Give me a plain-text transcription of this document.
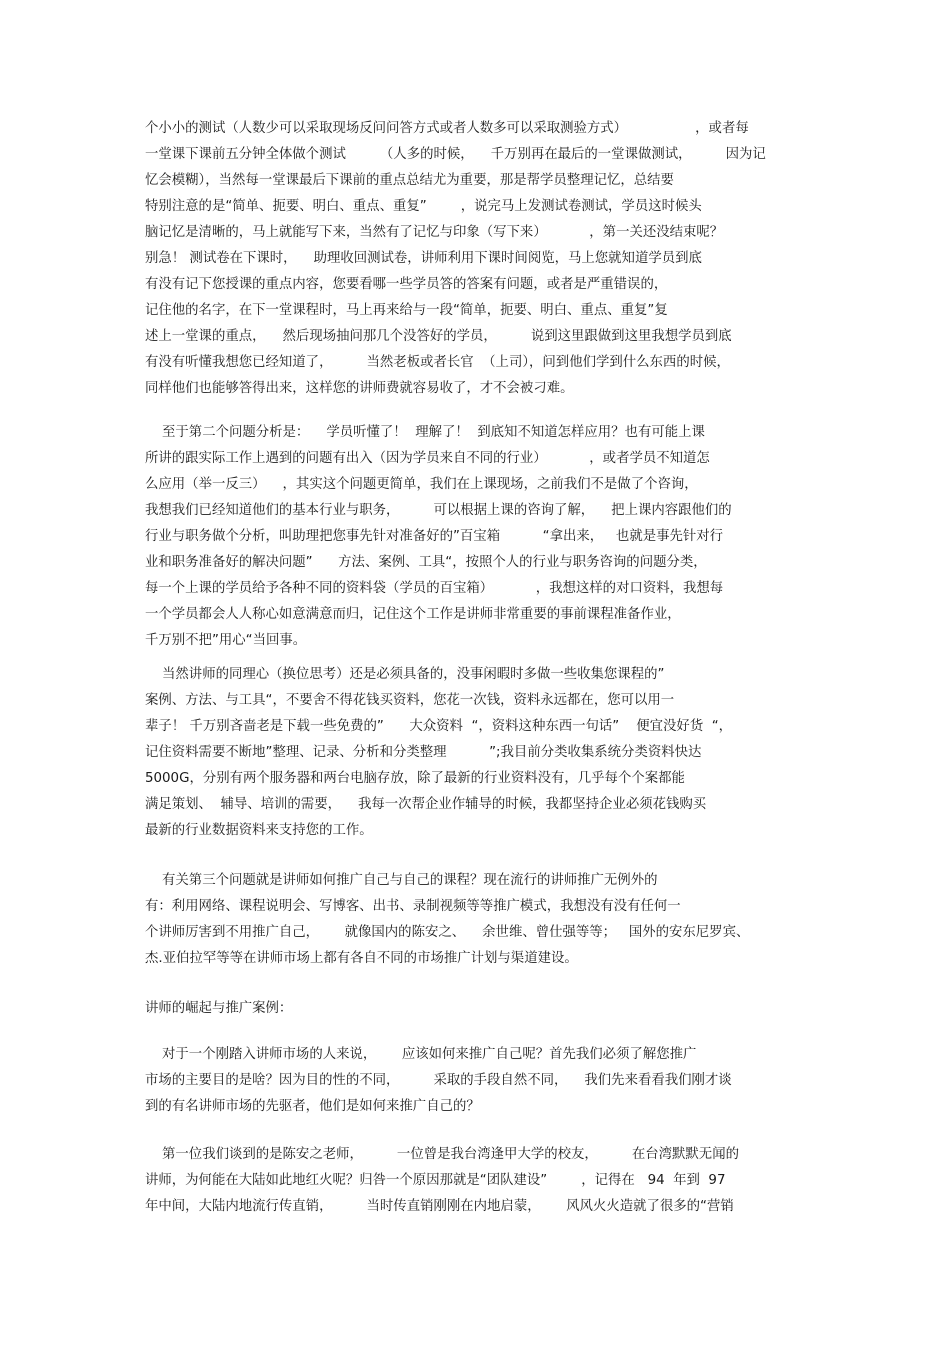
个小小的测试（人数少可以采取现场反问问答方式或者人数多可以采取测验方式）                ，或者每

一堂课下课前五分钟全体做个测试        （人多的时候，    千万别再在最后的一堂课做测试，        因为记

忆会模糊），当然每一堂课最后下课前的重点总结尤为重要，那是帮学员整理记忆，总结要

特别注意的是“简单、扼要、明白、重点、重复”        ，说完马上发测试卷测试，学员这时候头

脑记忆是清晰的，马上就能写下来，当然有了记忆与印象（写下来）          ，第一关还没结束呢？

别急！ 测试卷在下课时，    助理收回测试卷，讲师利用下课时间阅览，马上您就知道学员到底

有没有记下您授课的重点内容，您要看哪一些学员答的答案有问题，或者是严重错误的，

记住他的名字，在下一堂课程时，马上再来给与一段“简单，扼要、明白、重点、重复”复

述上一堂课的重点，    然后现场抽问那几个没答好的学员，        说到这里跟做到这里我想学员到底

有没有听懂我想您已经知道了，        当然老板或者长官  （上司），问到他们学到什么东西的时候，

同样他们也能够答得出来，这样您的讲师费就容易收了，才不会被刁难。

至于第二个问题分析是：    学员听懂了！  理解了！  到底知不知道怎样应用？也有可能上课

所讲的跟实际工作上遇到的问题有出入（因为学员来自不同的行业）          ，或者学员不知道怎

么应用（举一反三）    ，其实这个问题更简单，我们在上课现场，之前我们不是做了个咨询，

我想我们已经知道他们的基本行业与职务，        可以根据上课的咨询了解，    把上课内容跟他们的

行业与职务做个分析，叫助理把您事先针对准备好的”百宝箱          “拿出来，   也就是事先针对行

业和职务准备好的解决问题”      方法、案例、工具“，按照个人的行业与职务咨询的问题分类，

每一个上课的学员给予各种不同的资料袋（学员的百宝箱）          ，我想这样的对口资料，我想每

一个学员都会人人称心如意满意而归，记住这个工作是讲师非常重要的事前课程准备作业，

千万别不把”用心“当回事。

当然讲师的同理心（换位思考）还是必须具备的，没事闲暇时多做一些收集您课程的”

案例、方法、与工具“，不要舍不得花钱买资料，您花一次钱，资料永远都在，您可以用一

辈子！ 千万别吝啬老是下载一些免费的”      大众资料  “，资料这种东西一句话”    便宜没好货  “，

记住资料需要不断地”整理、记录、分析和分类整理          ”;我目前分类收集系统分类资料快达

5000G，分别有两个服务器和两台电脑存放，除了最新的行业资料没有，几乎每个个案都能

满足策划、  辅导、培训的需要，    我每一次帮企业作辅导的时候，我都坚持企业必须花钱购买

最新的行业数据资料来支持您的工作。

有关第三个问题就是讲师如何推广自己与自己的课程？现在流行的讲师推广无例外的

有：利用网络、课程说明会、写博客、出书、录制视频等等推广模式，我想没有没有任何一

个讲师厉害到不用推广自己，      就像国内的陈安之、    余世维、曾仕强等等；   国外的安东尼罗宾、

杰.亚伯拉罕等等在讲师市场上都有各自不同的市场推广计划与渠道建设。

讲师的崛起与推广案例：

对于一个刚踏入讲师市场的人来说，      应该如何来推广自己呢？首先我们必须了解您推广

市场的主要目的是啥？因为目的性的不同，        采取的手段自然不同，    我们先来看看我们刚才谈

到的有名讲师市场的先驱者，他们是如何来推广自己的？

第一位我们谈到的是陈安之老师，        一位曾是我台湾逢甲大学的校友，        在台湾默默无闻的

讲师，为何能在大陆如此地红火呢？归咎一个原因那就是“团队建设”        ，记得在   94  年到  97

年中间，大陆内地流行传直销，        当时传直销刚刚在内地启蒙，      风风火火造就了很多的“营销
